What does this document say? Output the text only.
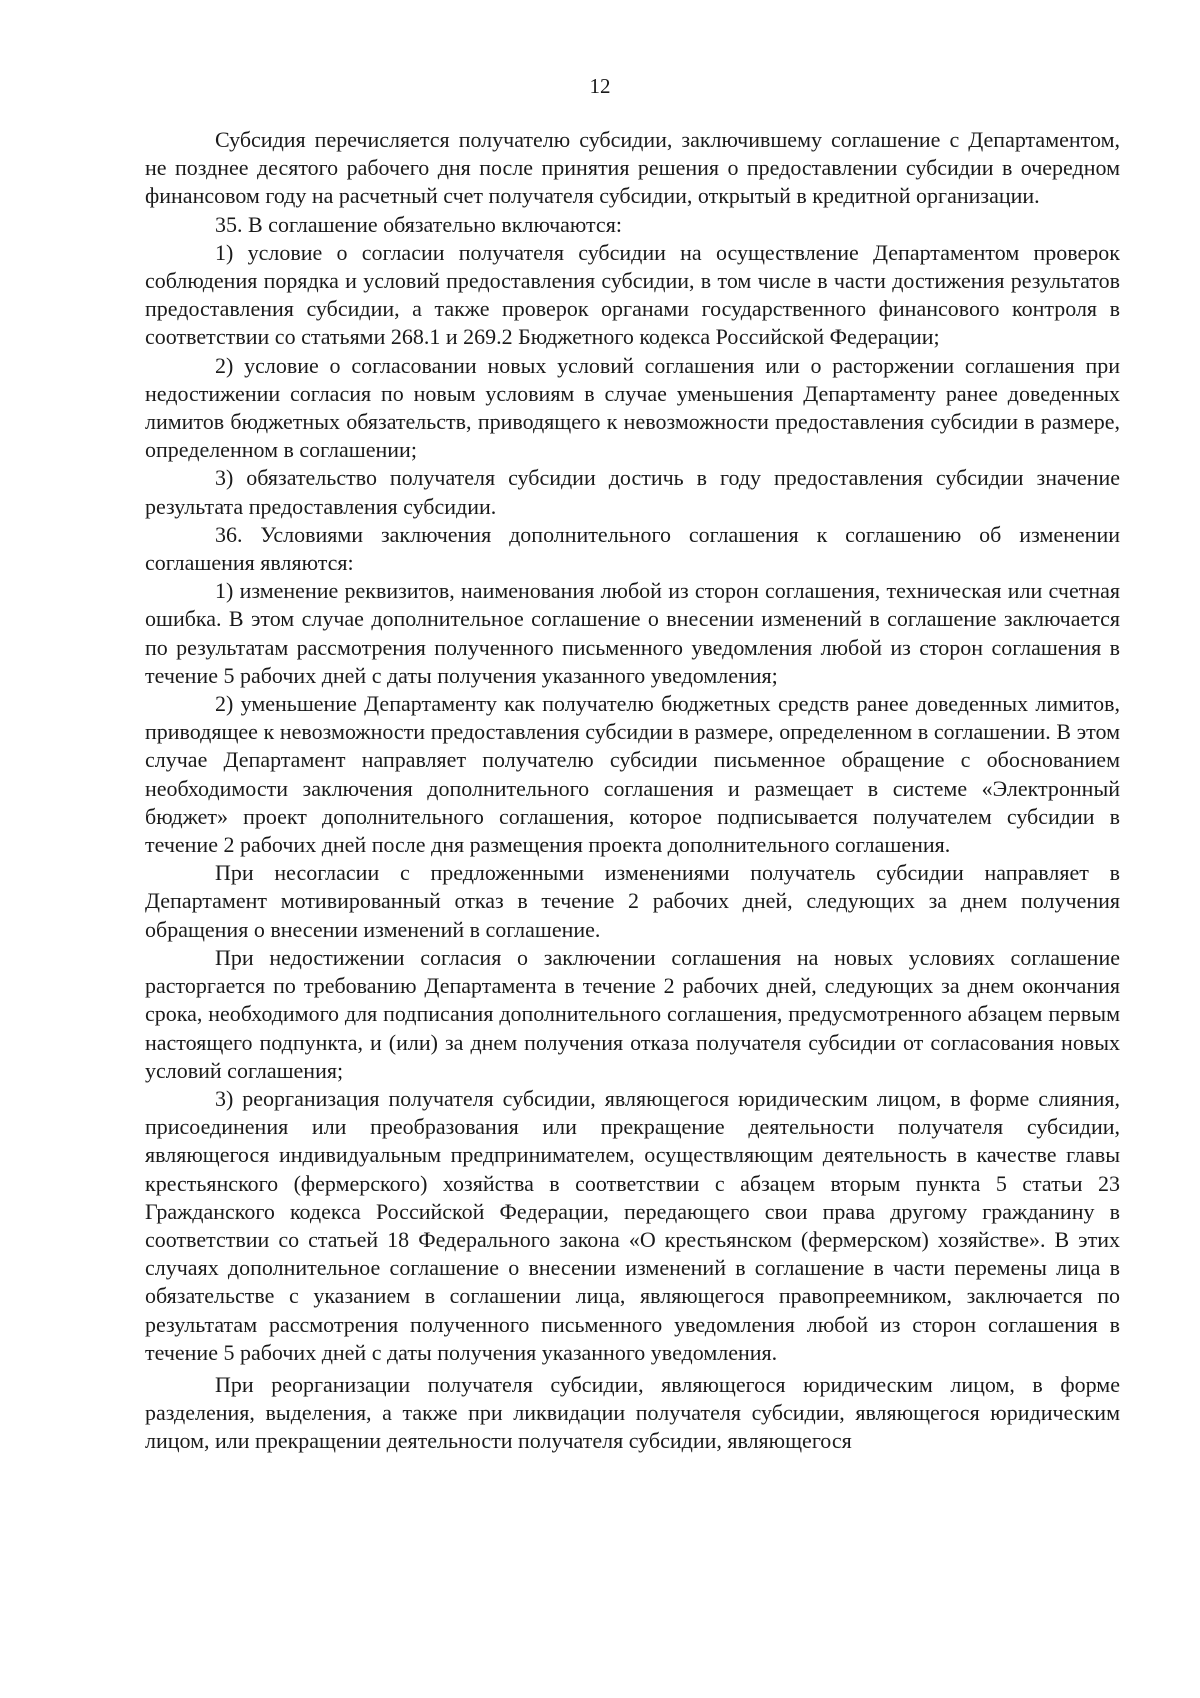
12

Субсидия перечисляется получателю субсидии, заключившему соглашение с Департаментом, не позднее десятого рабочего дня после принятия решения о предоставлении субсидии в очередном финансовом году на расчетный счет получателя субсидии, открытый в кредитной организации.

35. В соглашение обязательно включаются:

1) условие о согласии получателя субсидии на осуществление Департаментом проверок соблюдения порядка и условий предоставления субсидии, в том числе в части достижения результатов предоставления субсидии, а также проверок органами государственного финансового контроля в соответствии со статьями 268.1 и 269.2 Бюджетного кодекса Российской Федерации;

2) условие о согласовании новых условий соглашения или о расторжении соглашения при недостижении согласия по новым условиям в случае уменьшения Департаменту ранее доведенных лимитов бюджетных обязательств, приводящего к невозможности предоставления субсидии в размере, определенном в соглашении;

3) обязательство получателя субсидии достичь в году предоставления субсидии значение результата предоставления субсидии.

36. Условиями заключения дополнительного соглашения к соглашению об изменении соглашения являются:

1) изменение реквизитов, наименования любой из сторон соглашения, техническая или счетная ошибка. В этом случае дополнительное соглашение о внесении изменений в соглашение заключается по результатам рассмотрения полученного письменного уведомления любой из сторон соглашения в течение 5 рабочих дней с даты получения указанного уведомления;

2) уменьшение Департаменту как получателю бюджетных средств ранее доведенных лимитов, приводящее к невозможности предоставления субсидии в размере, определенном в соглашении. В этом случае Департамент направляет получателю субсидии письменное обращение с обоснованием необходимости заключения дополнительного соглашения и размещает в системе «Электронный бюджет» проект дополнительного соглашения, которое подписывается получателем субсидии в течение 2 рабочих дней после дня размещения проекта дополнительного соглашения.

При несогласии с предложенными изменениями получатель субсидии направляет в Департамент мотивированный отказ в течение 2 рабочих дней, следующих за днем получения обращения о внесении изменений в соглашение.

При недостижении согласия о заключении соглашения на новых условиях соглашение расторгается по требованию Департамента в течение 2 рабочих дней, следующих за днем окончания срока, необходимого для подписания дополнительного соглашения, предусмотренного абзацем первым настоящего подпункта, и (или) за днем получения отказа получателя субсидии от согласования новых условий соглашения;

3) реорганизация получателя субсидии, являющегося юридическим лицом, в форме слияния, присоединения или преобразования или прекращение деятельности получателя субсидии, являющегося индивидуальным предпринимателем, осуществляющим деятельность в качестве главы крестьянского (фермерского) хозяйства в соответствии с абзацем вторым пункта 5 статьи 23 Гражданского кодекса Российской Федерации, передающего свои права другому гражданину в соответствии со статьей 18 Федерального закона «О крестьянском (фермерском) хозяйстве». В этих случаях дополнительное соглашение о внесении изменений в соглашение в части перемены лица в обязательстве с указанием в соглашении лица, являющегося правопреемником, заключается по результатам рассмотрения полученного письменного уведомления любой из сторон соглашения в течение 5 рабочих дней с даты получения указанного уведомления.

При реорганизации получателя субсидии, являющегося юридическим лицом, в форме разделения, выделения, а также при ликвидации получателя субсидии, являющегося юридическим лицом, или прекращении деятельности получателя субсидии, являющегося
